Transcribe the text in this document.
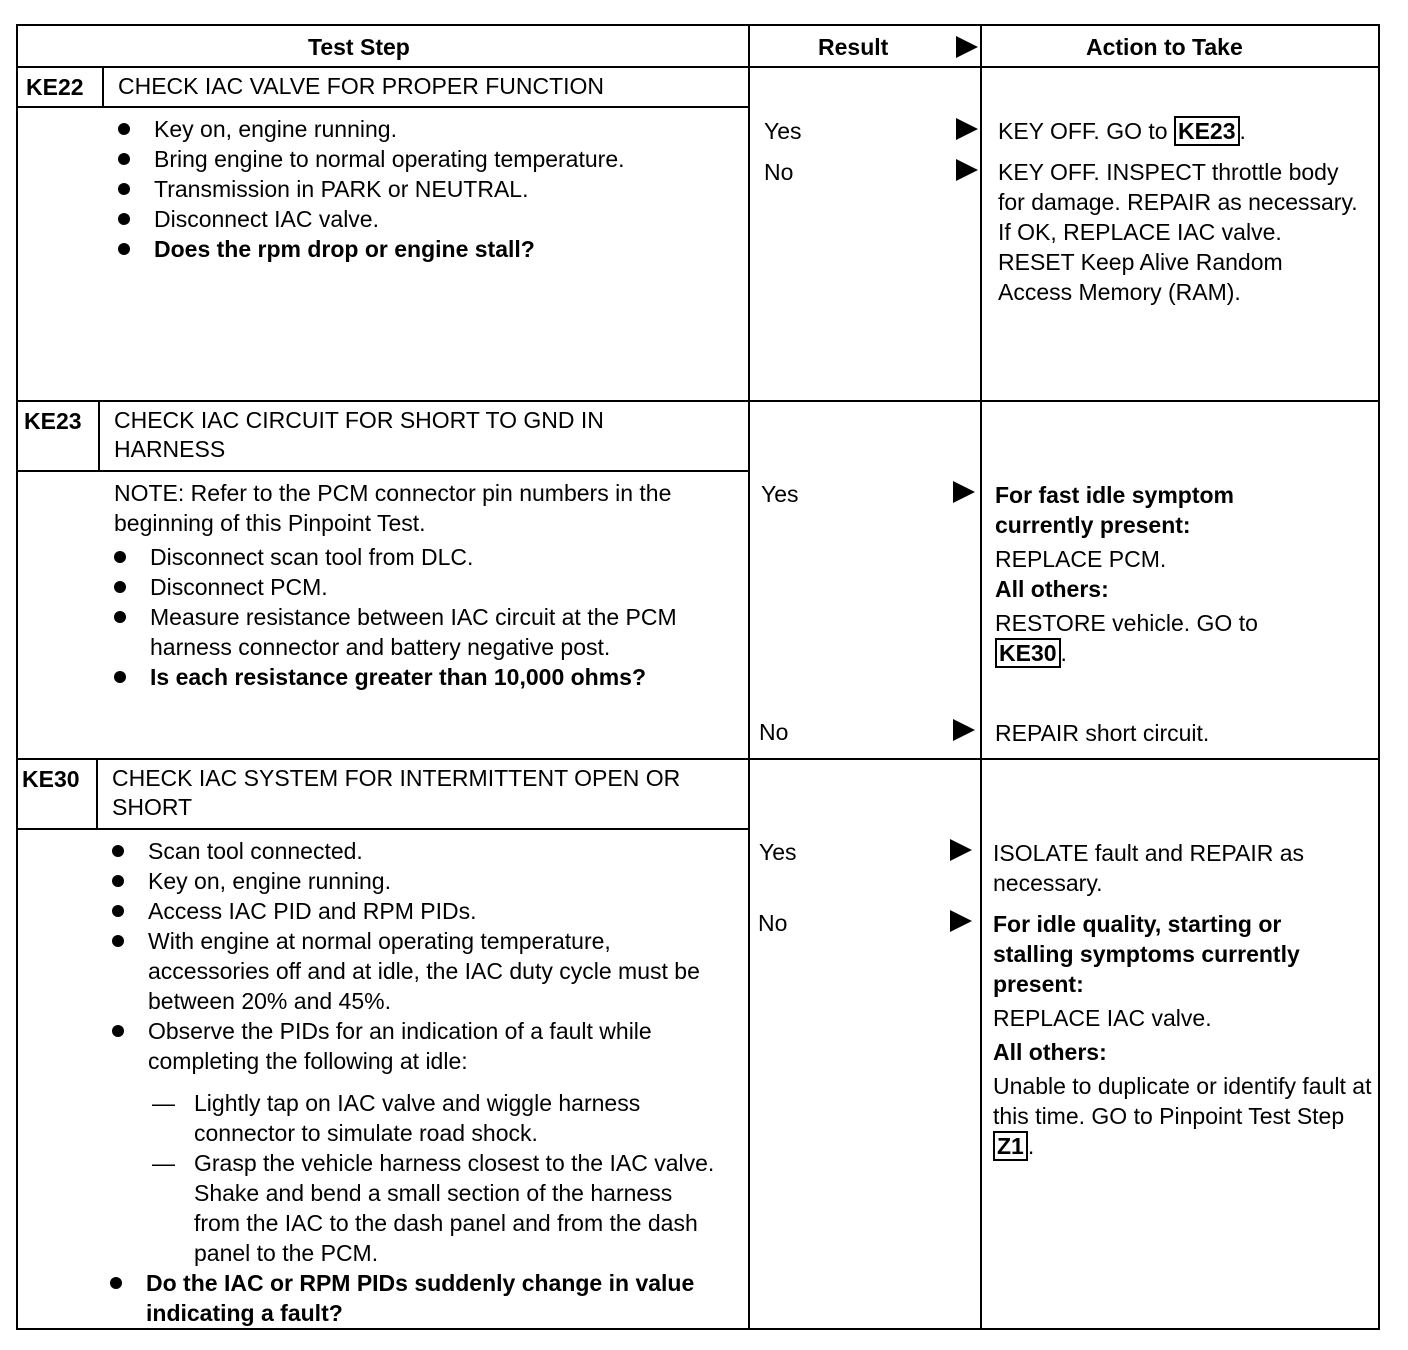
Test Step	Result	Action to Take
KE22 CHECK IAC VALVE FOR PROPER FUNCTION
Key on, engine running.
Bring engine to normal operating temperature.
Transmission in PARK or NEUTRAL.
Disconnect IAC valve.
Does the rpm drop or engine stall?
Yes
No
KEY OFF. GO to KE23 .
KEY OFF. INSPECT throttle body for damage. REPAIR as necessary. If OK, REPLACE IAC valve. RESET Keep Alive Random Access Memory (RAM).
KE23 CHECK IAC CIRCUIT FOR SHORT TO GND IN HARNESS
NOTE: Refer to the PCM connector pin numbers in the beginning of this Pinpoint Test.
Disconnect scan tool from DLC.
Disconnect PCM.
Measure resistance between IAC circuit at the PCM harness connector and battery negative post.
Is each resistance greater than 10,000 ohms?
Yes
No

For fast idle symptom currently present:

REPLACE PCM.

All others:

RESTORE vehicle. GO to KE30 .

REPAIR short circuit.
KE30 CHECK IAC SYSTEM FOR INTERMITTENT OPEN OR SHORT
Scan tool connected.
Key on, engine running.
Access IAC PID and RPM PIDs.
With engine at normal operating temperature, accessories off and at idle, the IAC duty cycle must be between 20% and 45%.
Observe the PIDs for an indication of a fault while completing the following at idle:
— Lightly tap on IAC valve and wiggle harness connector to simulate road shock.
— Grasp the vehicle harness closest to the IAC valve. Shake and bend a small section of the harness from the IAC to the dash panel and from the dash panel to the PCM.
Do the IAC or RPM PIDs suddenly change in value indicating a fault?
Yes
No
ISOLATE fault and REPAIR as necessary.

For idle quality, starting or stalling symptoms currently present:

REPLACE IAC valve.

All others:

Unable to duplicate or identify fault at this time. GO to Pinpoint Test Step Z1 .
